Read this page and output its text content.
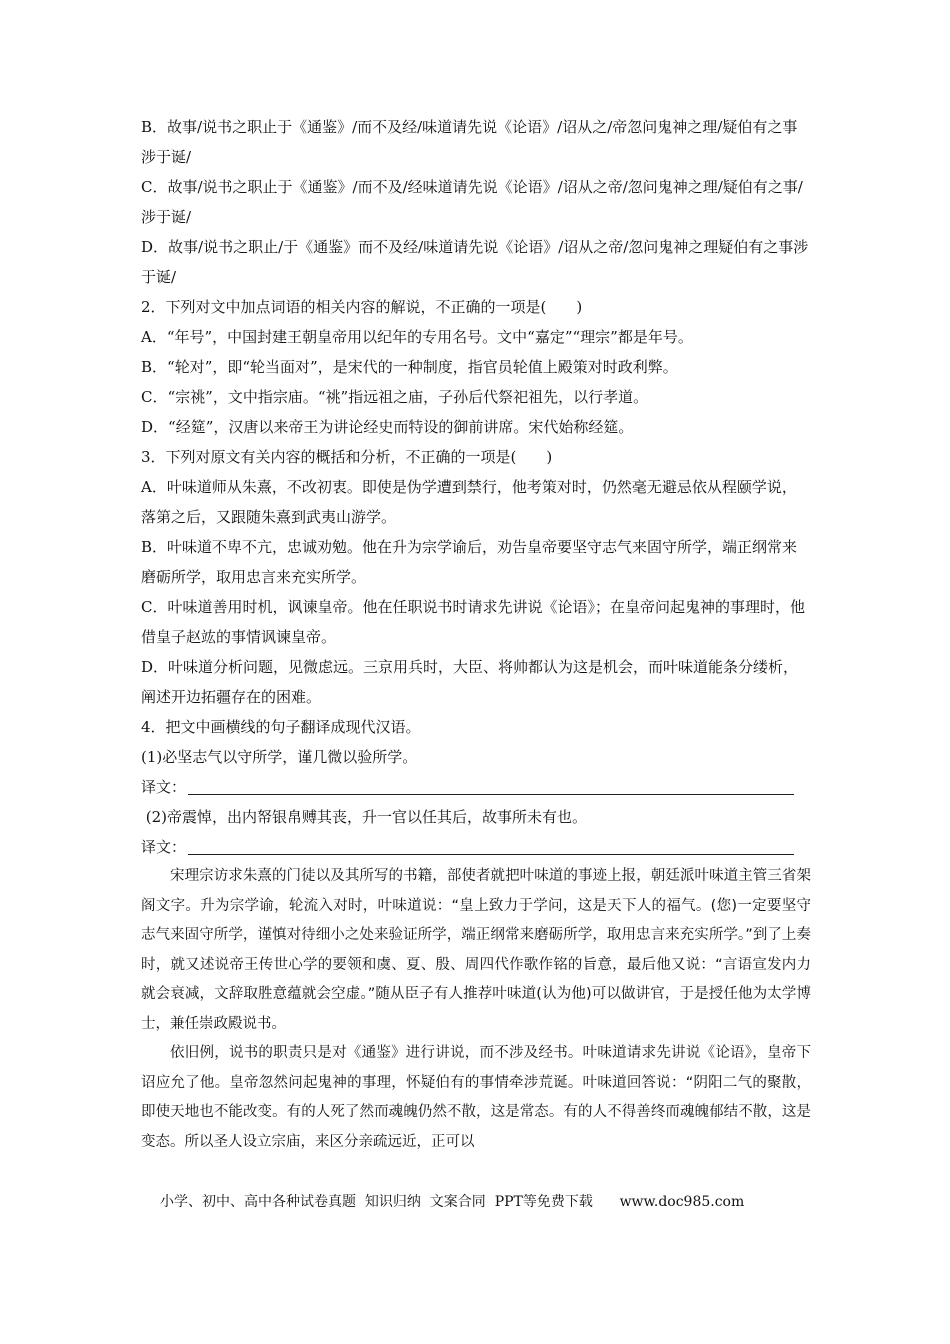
B．故事/说书之职止于《通鉴》/而不及经/味道请先说《论语》/诏从之/帝忽问鬼神之理/疑伯有之事涉于诞/

C．故事/说书之职止于《通鉴》/而不及/经味道请先说《论语》/诏从之帝/忽问鬼神之理/疑伯有之事/涉于诞/

D．故事/说书之职止/于《通鉴》而不及经/味道请先说《论语》/诏从之帝/忽问鬼神之理疑伯有之事涉于诞/

2．下列对文中加点词语的相关内容的解说，不正确的一项是(　　)

A．“年号”，中国封建王朝皇帝用以纪年的专用名号。文中“嘉定”“理宗”都是年号。

B．“轮对”，即“轮当面对”，是宋代的一种制度，指官员轮值上殿策对时政利弊。

C．“宗祧”，文中指宗庙。“祧”指远祖之庙，子孙后代祭祀祖先，以行孝道。

D．“经筵”，汉唐以来帝王为讲论经史而特设的御前讲席。宋代始称经筵。

3．下列对原文有关内容的概括和分析，不正确的一项是(　　)

A．叶味道师从朱熹，不改初衷。即使是伪学遭到禁行，他考策对时，仍然毫无避忌依从程颐学说，落第之后，又跟随朱熹到武夷山游学。

B．叶味道不卑不亢，忠诚劝勉。他在升为宗学谕后，劝告皇帝要坚守志气来固守所学，端正纲常来磨砺所学，取用忠言来充实所学。

C．叶味道善用时机，讽谏皇帝。他在任职说书时请求先讲说《论语》；在皇帝问起鬼神的事理时，他借皇子赵竑的事情讽谏皇帝。

D．叶味道分析问题，见微虑远。三京用兵时，大臣、将帅都认为这是机会，而叶味道能条分缕析，阐述开边拓疆存在的困难。

4．把文中画横线的句子翻译成现代汉语。

(1)必坚志气以守所学，谨几微以验所学。

译文：

(2)帝震悼，出内帑银帛赙其丧，升一官以任其后，故事所未有也。

译文：

宋理宗访求朱熹的门徒以及其所写的书籍，部使者就把叶味道的事迹上报，朝廷派叶味道主管三省架阁文字。升为宗学谕，轮流入对时，叶味道说：“皇上致力于学问，这是天下人的福气。(您)一定要坚守志气来固守所学，谨慎对待细小之处来验证所学，端正纲常来磨砺所学，取用忠言来充实所学。”到了上奏时，就又述说帝王传世心学的要领和虞、夏、殷、周四代作歌作铭的旨意，最后他又说：“言语宣发内力就会衰减，文辞取胜意蕴就会空虚。”随从臣子有人推荐叶味道(认为他)可以做讲官，于是授任他为太学博士，兼任崇政殿说书。

依旧例，说书的职责只是对《通鉴》进行讲说，而不涉及经书。叶味道请求先讲说《论语》，皇帝下诏应允了他。皇帝忽然问起鬼神的事理，怀疑伯有的事情牵涉荒诞。叶味道回答说：“阴阳二气的聚散，即使天地也不能改变。有的人死了然而魂魄仍然不散，这是常态。有的人不得善终而魂魄郁结不散，这是变态。所以圣人设立宗庙，来区分亲疏远近，正可以

小学、初中、高中各种试卷真题  知识归纳  文案合同  PPT等免费下载      www.doc985.com
